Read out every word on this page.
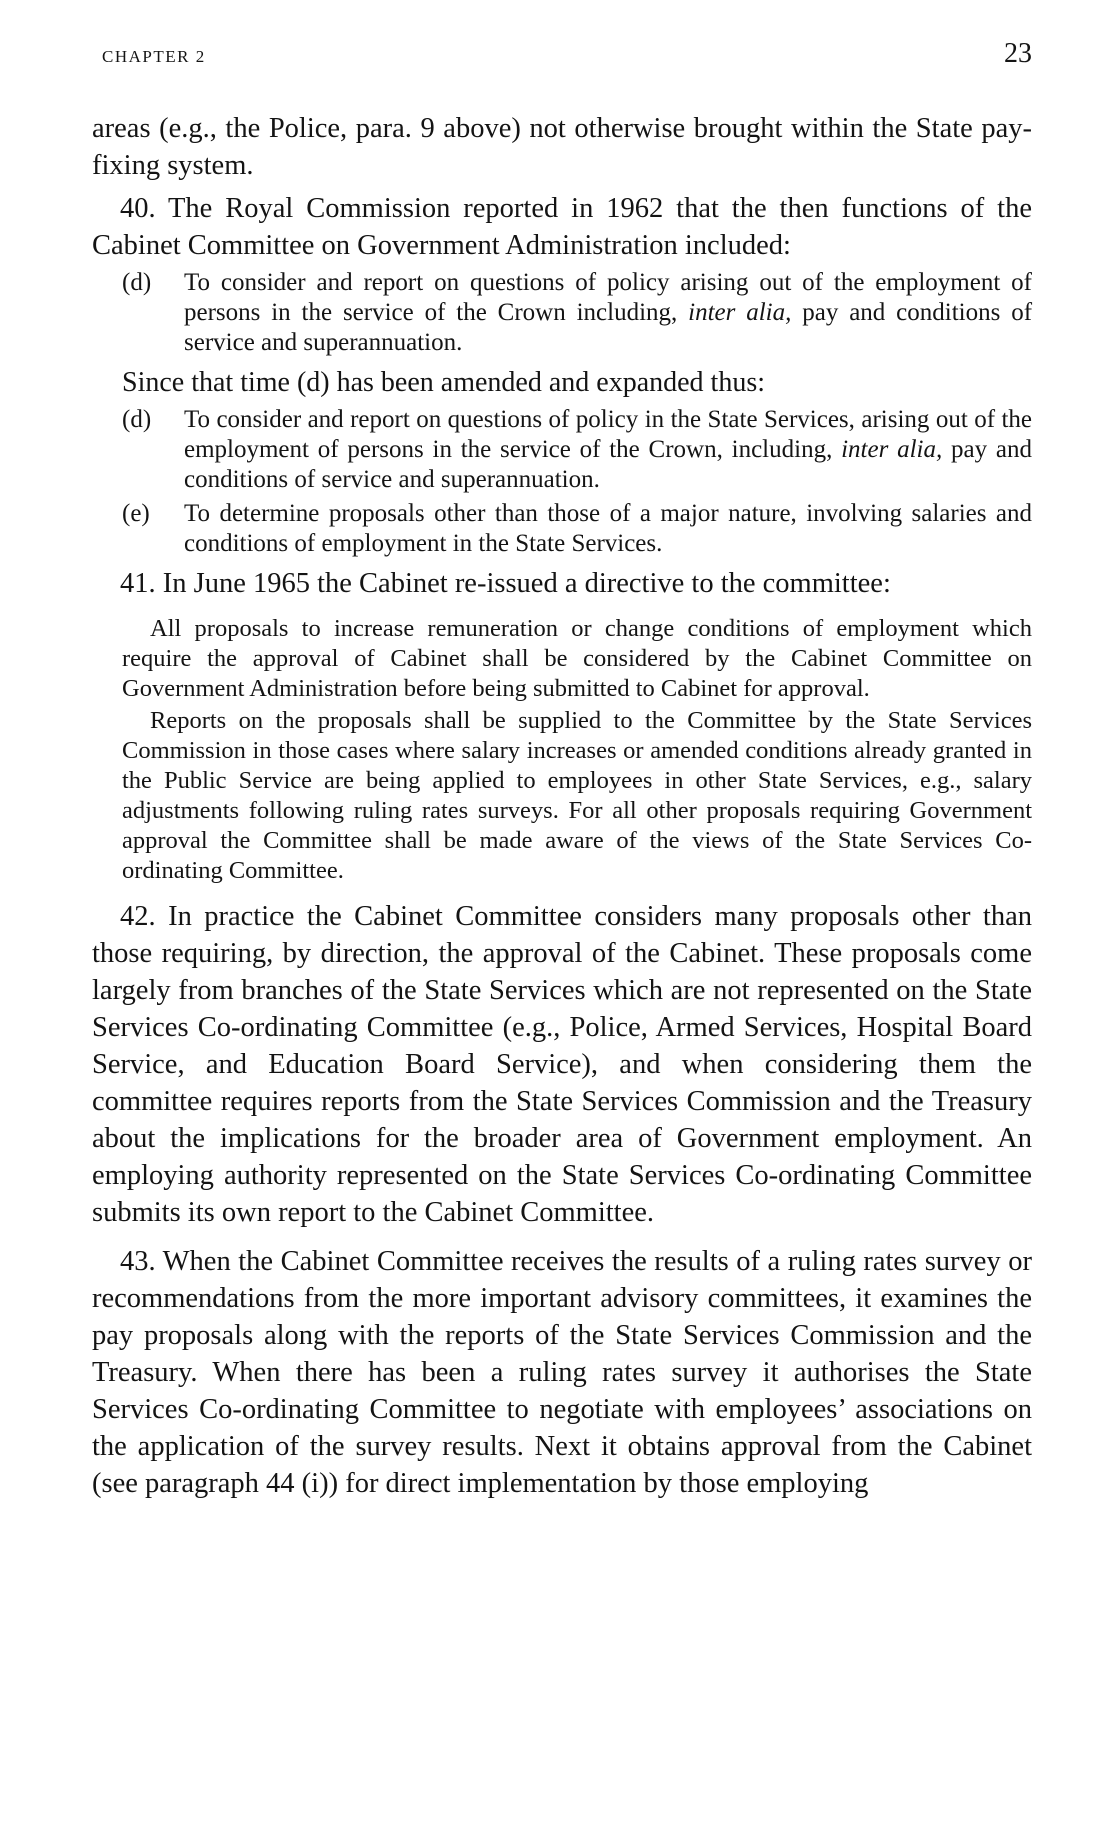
CHAPTER 2	23

areas (e.g., the Police, para. 9 above) not otherwise brought within the State pay-fixing system.

40. The Royal Commission reported in 1962 that the then functions of the Cabinet Committee on Government Administration included:

(d)	To consider and report on questions of policy arising out of the employment of persons in the service of the Crown including, inter alia, pay and conditions of service and superannuation.

Since that time (d) has been amended and expanded thus:

(d)	To consider and report on questions of policy in the State Services, arising out of the employment of persons in the service of the Crown, including, inter alia, pay and conditions of service and superannuation.
(e)	To determine proposals other than those of a major nature, involving salaries and conditions of employment in the State Services.

41. In June 1965 the Cabinet re-issued a directive to the committee:

All proposals to increase remuneration or change conditions of employment which require the approval of Cabinet shall be considered by the Cabinet Committee on Government Administration before being submitted to Cabinet for approval.

Reports on the proposals shall be supplied to the Committee by the State Services Commission in those cases where salary increases or amended conditions already granted in the Public Service are being applied to employees in other State Services, e.g., salary adjustments following ruling rates surveys. For all other proposals requiring Government approval the Committee shall be made aware of the views of the State Services Co-ordinating Committee.

42. In practice the Cabinet Committee considers many proposals other than those requiring, by direction, the approval of the Cabinet. These proposals come largely from branches of the State Services which are not represented on the State Services Co-ordinating Committee (e.g., Police, Armed Services, Hospital Board Service, and Education Board Service), and when considering them the committee requires reports from the State Services Commission and the Treasury about the implications for the broader area of Government employment. An employing authority represented on the State Services Co-ordinating Committee submits its own report to the Cabinet Committee.

43. When the Cabinet Committee receives the results of a ruling rates survey or recommendations from the more important advisory committees, it examines the pay proposals along with the reports of the State Services Commission and the Treasury. When there has been a ruling rates survey it authorises the State Services Co-ordinating Committee to negotiate with employees’ associations on the application of the survey results. Next it obtains approval from the Cabinet (see paragraph 44 (i)) for direct implementation by those employing
